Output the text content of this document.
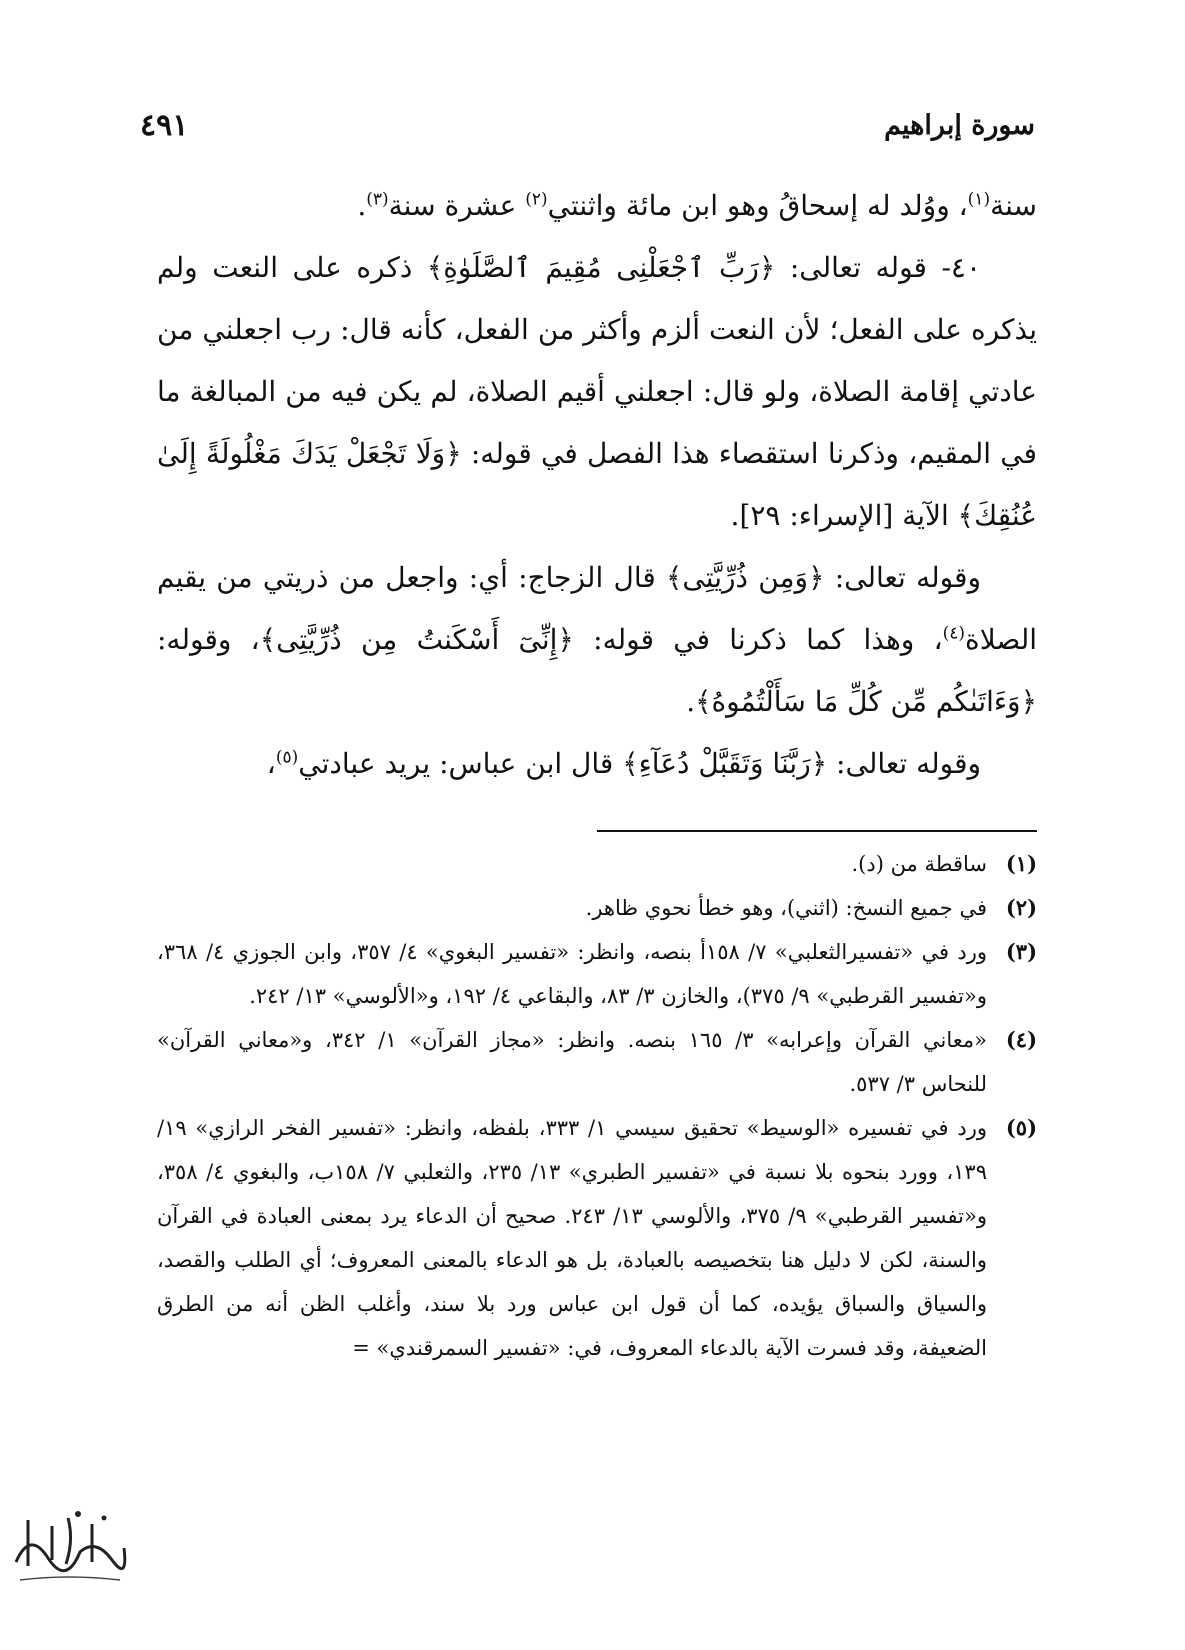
سورة إبراهيم
٤٩١

سنة$^{(١)}$، ووُلد له إسحاقُ وهو ابن مائة واثنتي$^{(٢)}$ عشرة سنة$^{(٣)}$.

٤٠- قوله تعالى: ﴿رَبِّ ٱجْعَلْنِى مُقِيمَ ٱلصَّلَوٰةِ﴾ ذكره على النعت ولم يذكره على الفعل؛ لأن النعت ألزم وأكثر من الفعل، كأنه قال: رب اجعلني من عادتي إقامة الصلاة، ولو قال: اجعلني أقيم الصلاة، لم يكن فيه من المبالغة ما في المقيم، وذكرنا استقصاء هذا الفصل في قوله: ﴿وَلَا تَجْعَلْ يَدَكَ مَغْلُولَةً إِلَىٰ عُنُقِكَ﴾ الآية [الإسراء: ٢٩].

وقوله تعالى: ﴿وَمِن ذُرِّيَّتِى﴾ قال الزجاج: أي: واجعل من ذريتي من يقيم الصلاة$^{(٤)}$، وهذا كما ذكرنا في قوله: ﴿إِنِّىٓ أَسْكَنتُ مِن ذُرِّيَّتِى﴾، وقوله: ﴿وَءَاتَىٰكُم مِّن كُلِّ مَا سَأَلْتُمُوهُ﴾.

وقوله تعالى: ﴿رَبَّنَا وَتَقَبَّلْ دُعَآءِ﴾ قال ابن عباس: يريد عبادتي$^{(٥)}$،

(١)
ساقطة من (د).
(٢)
في جميع النسخ: (اثني)، وهو خطأ نحوي ظاهر.
(٣)
ورد في «تفسيرالثعلبي» ٧/ ١٥٨أ بنصه، وانظر: «تفسير البغوي» ٤/ ٣٥٧، وابن الجوزي ٤/ ٣٦٨، و«تفسير القرطبي» ٩/ ٣٧٥)، والخازن ٣/ ٨٣، والبقاعي ٤/ ١٩٢، و«الألوسي» ١٣/ ٢٤٢.
(٤)
«معاني القرآن وإعرابه» ٣/ ١٦٥ بنصه. وانظر: «مجاز القرآن» ١/ ٣٤٢، و«معاني القرآن» للنحاس ٣/ ٥٣٧.
(٥)
ورد في تفسيره «الوسيط» تحقيق سيسي ١/ ٣٣٣، بلفظه، وانظر: «تفسير الفخر الرازي» ١٩/ ١٣٩، وورد بنحوه بلا نسبة في «تفسير الطبري» ١٣/ ٢٣٥، والثعلبي ٧/ ١٥٨ب، والبغوي ٤/ ٣٥٨، و«تفسير القرطبي» ٩/ ٣٧٥، والألوسي ١٣/ ٢٤٣. صحيح أن الدعاء يرد بمعنى العبادة في القرآن والسنة، لكن لا دليل هنا بتخصيصه بالعبادة، بل هو الدعاء بالمعنى المعروف؛ أي الطلب والقصد، والسياق والسباق يؤيده، كما أن قول ابن عباس ورد بلا سند، وأغلب الظن أنه من الطرق الضعيفة، وقد فسرت الآية بالدعاء المعروف، في: «تفسير السمرقندي» =
